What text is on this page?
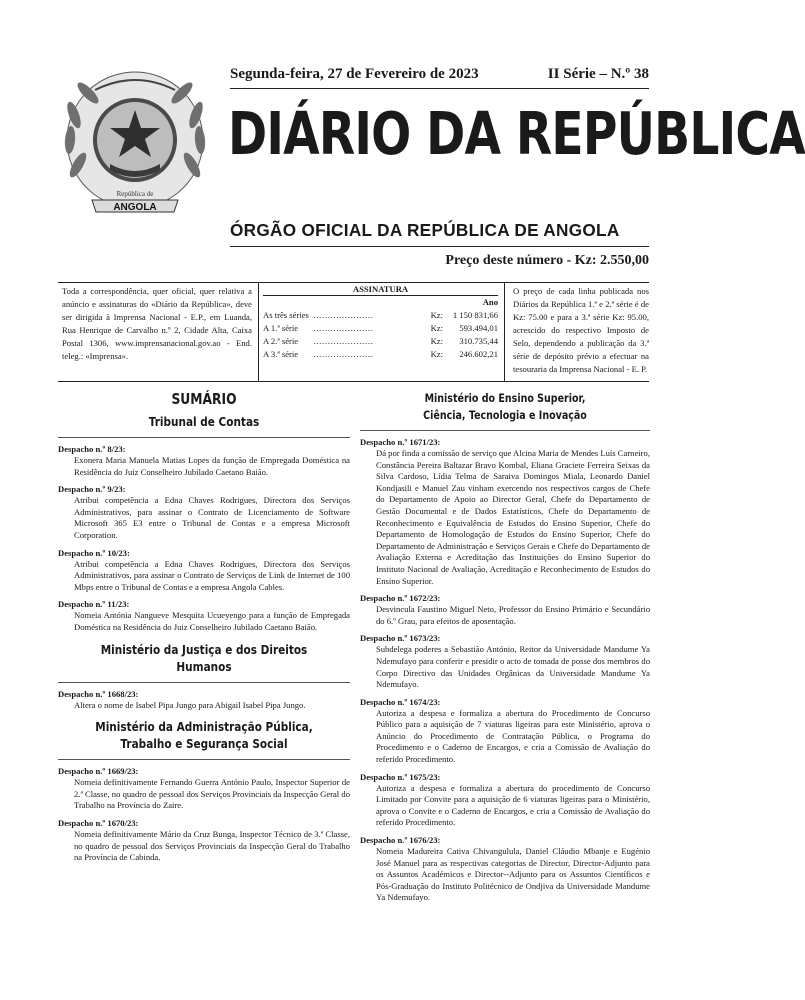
República de
ANGOLA
Segunda-feira, 27 de Fevereiro de 2023	II Série – N.º 38
DIÁRIO DA REPÚBLICA
ÓRGÃO OFICIAL DA REPÚBLICA DE ANGOLA
Preço deste número - Kz: 2.550,00
Toda a correspondência, quer oficial, quer relativa a anúncio e assinaturas do «Diário da República», deve ser dirigida à Imprensa Nacional - E.P., em Luanda, Rua Henrique de Carvalho n.º 2, Cidade Alta, Caixa Postal 1306, www.imprensanacional.gov.ao - End. teleg.: «Imprensa».
ASSINATURA
Ano
As três séries …………………	Kz:	1 150 831,66
A 1.ª série	…………………	Kz:	593.494,01
A 2.ª série	…………………	Kz:	310.735,44
A 3.ª série	…………………	Kz:	246.602,21
O preço de cada linha publicada nos Diários da República 1.ª e 2.ª série é de Kz: 75.00 e para a 3.ª série Kz: 95.00, acrescido do respectivo Imposto de Selo, dependendo a publicação da 3.ª série de depósito prévio a efectuar na tesouraria da Imprensa Nacional - E. P.
SUMÁRIO
Tribunal de Contas
Despacho n.º 8/23:
Exonera Maria Manuela Matias Lopes da função de Empregada Doméstica na Residência do Juiz Conselheiro Jubilado Caetano Baião.
Despacho n.º 9/23:
Atribui competência a Edna Chaves Rodrigues, Directora dos Serviços Administrativos, para assinar o Contrato de Licenciamento de Software Microsoft 365 E3 entre o Tribunal de Contas e a empresa Microsoft Corporation.
Despacho n.º 10/23:
Atribui competência a Edna Chaves Rodrigues, Directora dos Serviços Administrativos, para assinar o Contrato de Serviços de Link de Internet de 100 Mbps entre o Tribunal de Contas e a empresa Angola Cables.
Despacho n.º 11/23:
Nomeia Antónia Nangueve Mesquita Ucueyengo para a função de Empregada Doméstica na Residência do Juiz Conselheiro Jubilado Caetano Baião.
Ministério da Justiça e dos Direitos Humanos
Despacho n.º 1668/23:
Altera o nome de Isabel Pipa Jungo para Abigail Isabel Pipa Jungo.
Ministério da Administração Pública,
Trabalho e Segurança Social
Despacho n.º 1669/23:
Nomeia definitivamente Fernando Guerra António Paulo, Inspector Superior de 2.ª Classe, no quadro de pessoal dos Serviços Provinciais da Inspecção Geral do Trabalho na Província do Zaire.
Despacho n.º 1670/23:
Nomeia definitivamente Mário da Cruz Bunga, Inspector Técnico de 3.ª Classe, no quadro de pessoal dos Serviços Provinciais da Inspecção Geral do Trabalho na Província de Cabinda.
Ministério do Ensino Superior,
Ciência, Tecnologia e Inovação
Despacho n.º 1671/23:
Dá por finda a comissão de serviço que Alcina Maria de Mendes Luís Carneiro, Constância Pereira Baltazar Bravo Kombal, Eliana Graciete Ferreira Seixas da Silva Cardoso, Lídia Telma de Saraiva Domingos Miala, Leonardo Daniel Kondjasili e Manuel Zau vinham exercendo nos respectivos cargos de Chefe do Departamento de Apoio ao Director Geral, Chefe do Departamento de Gestão Documental e de Dados Estatísticos, Chefe do Departamento de Reconhecimento e Equivalência de Estudos do Ensino Superior, Chefe do Departamento de Homologação de Estudos do Ensino Superior, Chefe do Departamento de Administração e Serviços Gerais e Chefe do Departamento de Avaliação Externa e Acreditação das Instituições do Ensino Superior do Instituto Nacional de Avaliação, Acreditação e Reconhecimento de Estudos do Ensino Superior.
Despacho n.º 1672/23:
Desvincula Faustino Miguel Neto, Professor do Ensino Primário e Secundário do 6.º Grau, para efeitos de aposentação.
Despacho n.º 1673/23:
Subdelega poderes a Sebastião António, Reitor da Universidade Mandume Ya Ndemufayo para conferir e presidir o acto de tomada de posse dos membros do Corpo Directivo das Unidades Orgânicas da Universidade Mandume Ya Ndemufayo.
Despacho n.º 1674/23:
Autoriza a despesa e formaliza a abertura do Procedimento de Concurso Público para a aquisição de 7 viaturas ligeiras para este Ministério, aprova o Anúncio do Procedimento de Contratação Pública, o Programa do Procedimento e o Caderno de Encargos, e cria a Comissão de Avaliação do referido Procedimento.
Despacho n.º 1675/23:
Autoriza a despesa e formaliza a abertura do procedimento de Concurso Limitado por Convite para a aquisição de 6 viaturas ligeiras para o Ministério, aprova o Convite e o Caderno de Encargos, e cria a Comissão de Avaliação do referido Procedimento.
Despacho n.º 1676/23:
Nomeia Madureira Cativa Chivangulula, Daniel Cláudio Mbanje e Eugénio José Manuel para as respectivas categorias de Director, Director-Adjunto para os Assuntos Académicos e Director--Adjunto para os Assuntos Científicos e Pós-Graduação do Instituto Politécnico de Ondjiva da Universidade Mandume Ya Ndemufayo.
